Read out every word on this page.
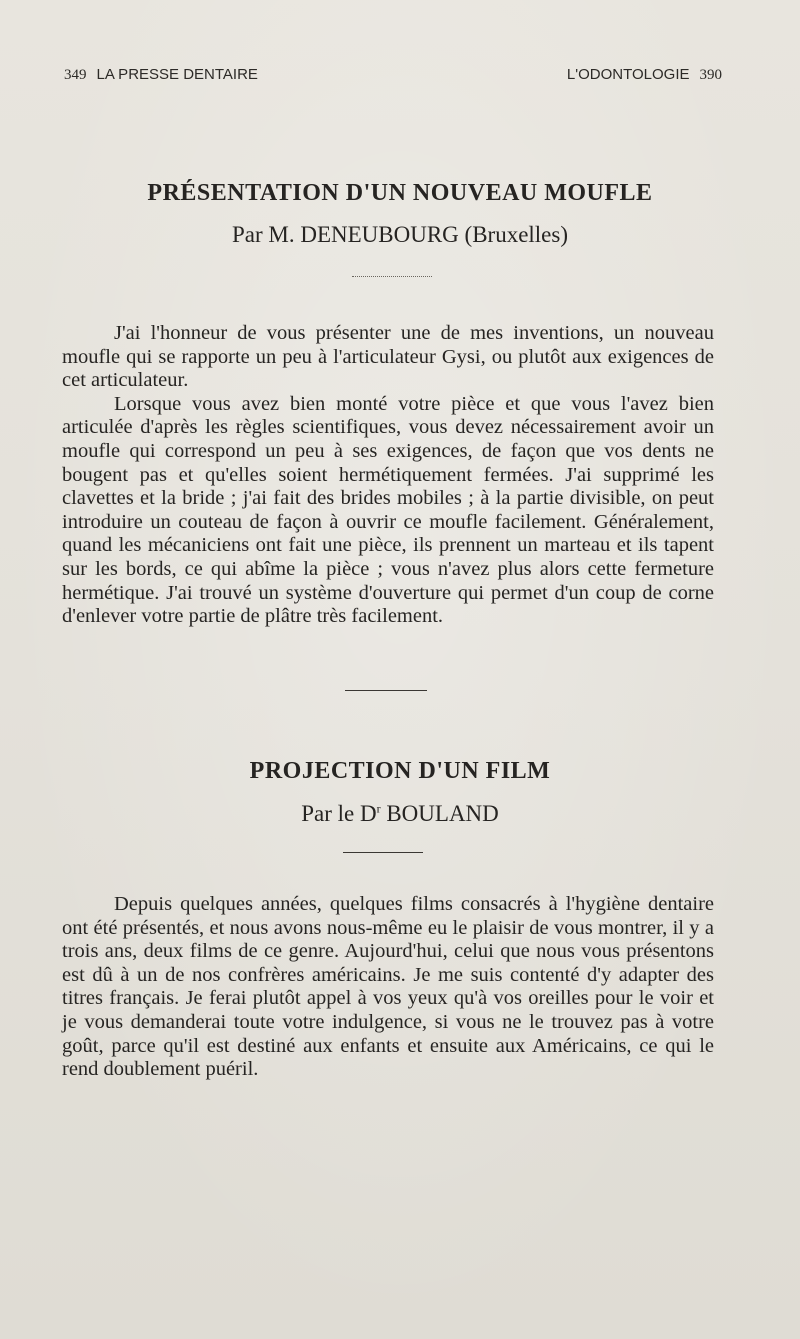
349 LA PRESSE DENTAIRE	L'ODONTOLOGIE 390
PRÉSENTATION D'UN NOUVEAU MOUFLE

Par M. DENEUBOURG (Bruxelles)

J'ai l'honneur de vous présenter une de mes inventions, un nouveau moufle qui se rapporte un peu à l'articulateur Gysi, ou plutôt aux exigences de cet articulateur.

Lorsque vous avez bien monté votre pièce et que vous l'avez bien articulée d'après les règles scientifiques, vous devez nécessairement avoir un moufle qui correspond un peu à ses exigences, de façon que vos dents ne bougent pas et qu'elles soient hermétiquement fermées. J'ai supprimé les clavettes et la bride ; j'ai fait des brides mobiles ; à la partie divisible, on peut introduire un couteau de façon à ouvrir ce moufle facilement. Généralement, quand les mécaniciens ont fait une pièce, ils prennent un marteau et ils tapent sur les bords, ce qui abîme la pièce ; vous n'avez plus alors cette fermeture hermétique. J'ai trouvé un système d'ouverture qui permet d'un coup de corne d'enlever votre partie de plâtre très facilement.

PROJECTION D'UN FILM

Par le $D^r$ BOULAND

Depuis quelques années, quelques films consacrés à l'hygiène dentaire ont été présentés, et nous avons nous-même eu le plaisir de vous montrer, il y a trois ans, deux films de ce genre. Aujourd'hui, celui que nous vous présentons est dû à un de nos confrères américains. Je me suis contenté d'y adapter des titres français. Je ferai plutôt appel à vos yeux qu'à vos oreilles pour le voir et je vous demanderai toute votre indulgence, si vous ne le trouvez pas à votre goût, parce qu'il est destiné aux enfants et ensuite aux Américains, ce qui le rend doublement puéril.
